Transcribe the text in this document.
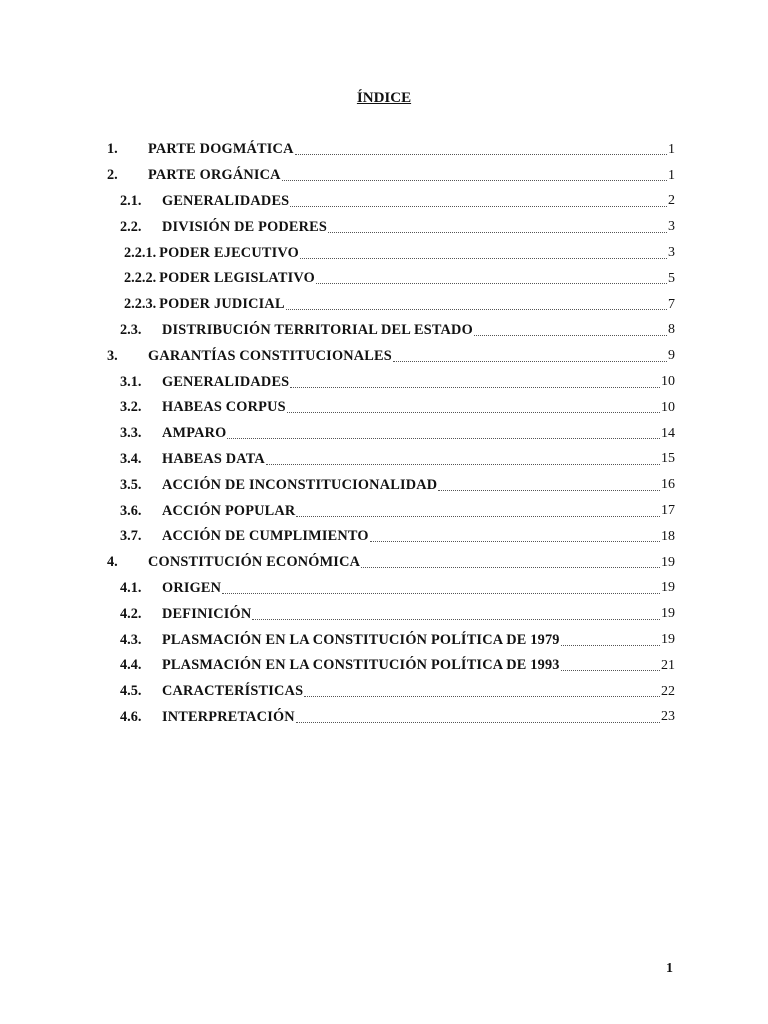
ÍNDICE
1.	PARTE DOGMÁTICA	1
2.	PARTE ORGÁNICA	1
2.1.	GENERALIDADES	2
2.2.	DIVISIÓN DE PODERES	3
2.2.1. PODER EJECUTIVO	3
2.2.2. PODER LEGISLATIVO	5
2.2.3. PODER JUDICIAL	7
2.3.	DISTRIBUCIÓN TERRITORIAL DEL ESTADO	8
3.	GARANTÍAS CONSTITUCIONALES	9
3.1.	GENERALIDADES	10
3.2.	HABEAS CORPUS	10
3.3.	AMPARO	14
3.4.	HABEAS DATA	15
3.5.	ACCIÓN DE INCONSTITUCIONALIDAD	16
3.6.	ACCIÓN POPULAR	17
3.7.	ACCIÓN DE CUMPLIMIENTO	18
4.	CONSTITUCIÓN ECONÓMICA	19
4.1.	ORIGEN	19
4.2.	DEFINICIÓN	19
4.3.	PLASMACIÓN EN LA CONSTITUCIÓN POLÍTICA DE 1979	19
4.4.	PLASMACIÓN EN LA CONSTITUCIÓN POLÍTICA DE 1993	21
4.5.	CARACTERÍSTICAS	22
4.6.	INTERPRETACIÓN	23
1
